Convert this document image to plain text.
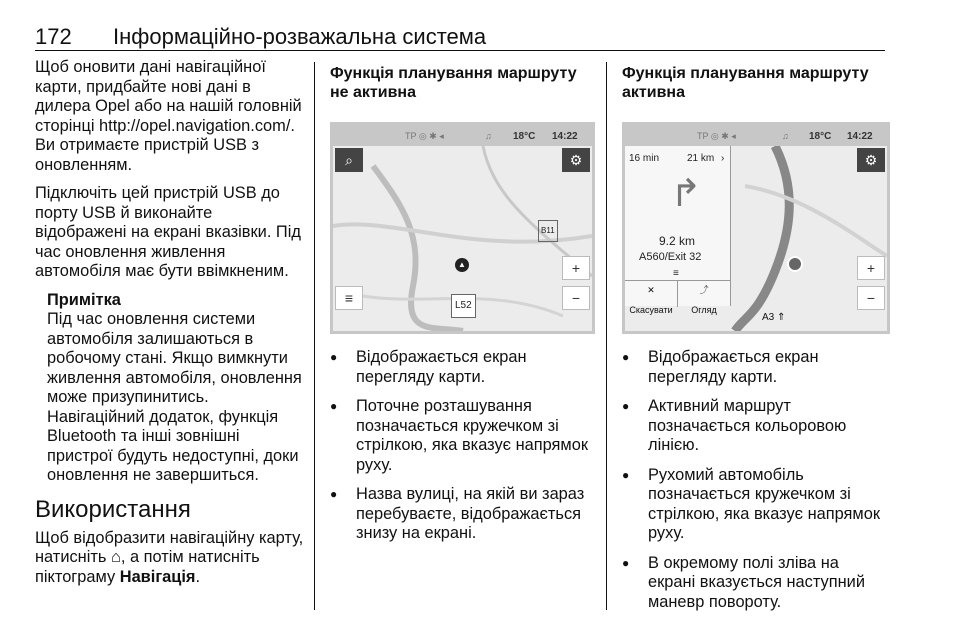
172 Інформаційно-розважальна система

Щоб оновити дані навігаційної карти, придбайте нові дані в дилера Opel або на нашій головній сторінці http://opel.navigation.com/. Ви отримаєте пристрій USB з оновленням.

Підключіть цей пристрій USB до порту USB й виконайте відображені на екрані вказівки. Під час оновлення живлення автомобіля має бути ввімкненим.

Примітка
Під час оновлення системи автомобіля залишаються в робочому стані. Якщо вимкнути живлення автомобіля, оновлення може призупинитись. Навігаційний додаток, функція Bluetooth та інші зовнішні пристрої будуть недоступні, доки оновлення не завершиться.
Використання

Щоб відобразити навігаційну карту, натисніть ⌂, а потім натисніть піктограму Навігація.

Функція планування маршруту не активна
TP ◎ ✱ ◂	♫ 18°C 14:22
⌕	⚙
+
−
≡
B11
L52
▲
● Відображається екран перегляду карти.
● Поточне розташування позначається кружечком зі стрілкою, яка вказує напрямок руху.
● Назва вулиці, на якій ви зараз перебуваєте, відображається знизу на екрані.
Функція планування маршруту активна
TP ◎ ✱ ◂	♫ 18°C 14:22
⚙
+
−
16 min	21 km ›
↱
9.2 km
A560/Exit 32
≡
✕
Скасувати
⤴
Огляд
A3 ⇑
● Відображається екран перегляду карти.
● Активний маршрут позначається кольоровою лінією.
● Рухомий автомобіль позначається кружечком зі стрілкою, яка вказує напрямок руху.
● В окремому полі зліва на екрані вказується наступний маневр повороту.
